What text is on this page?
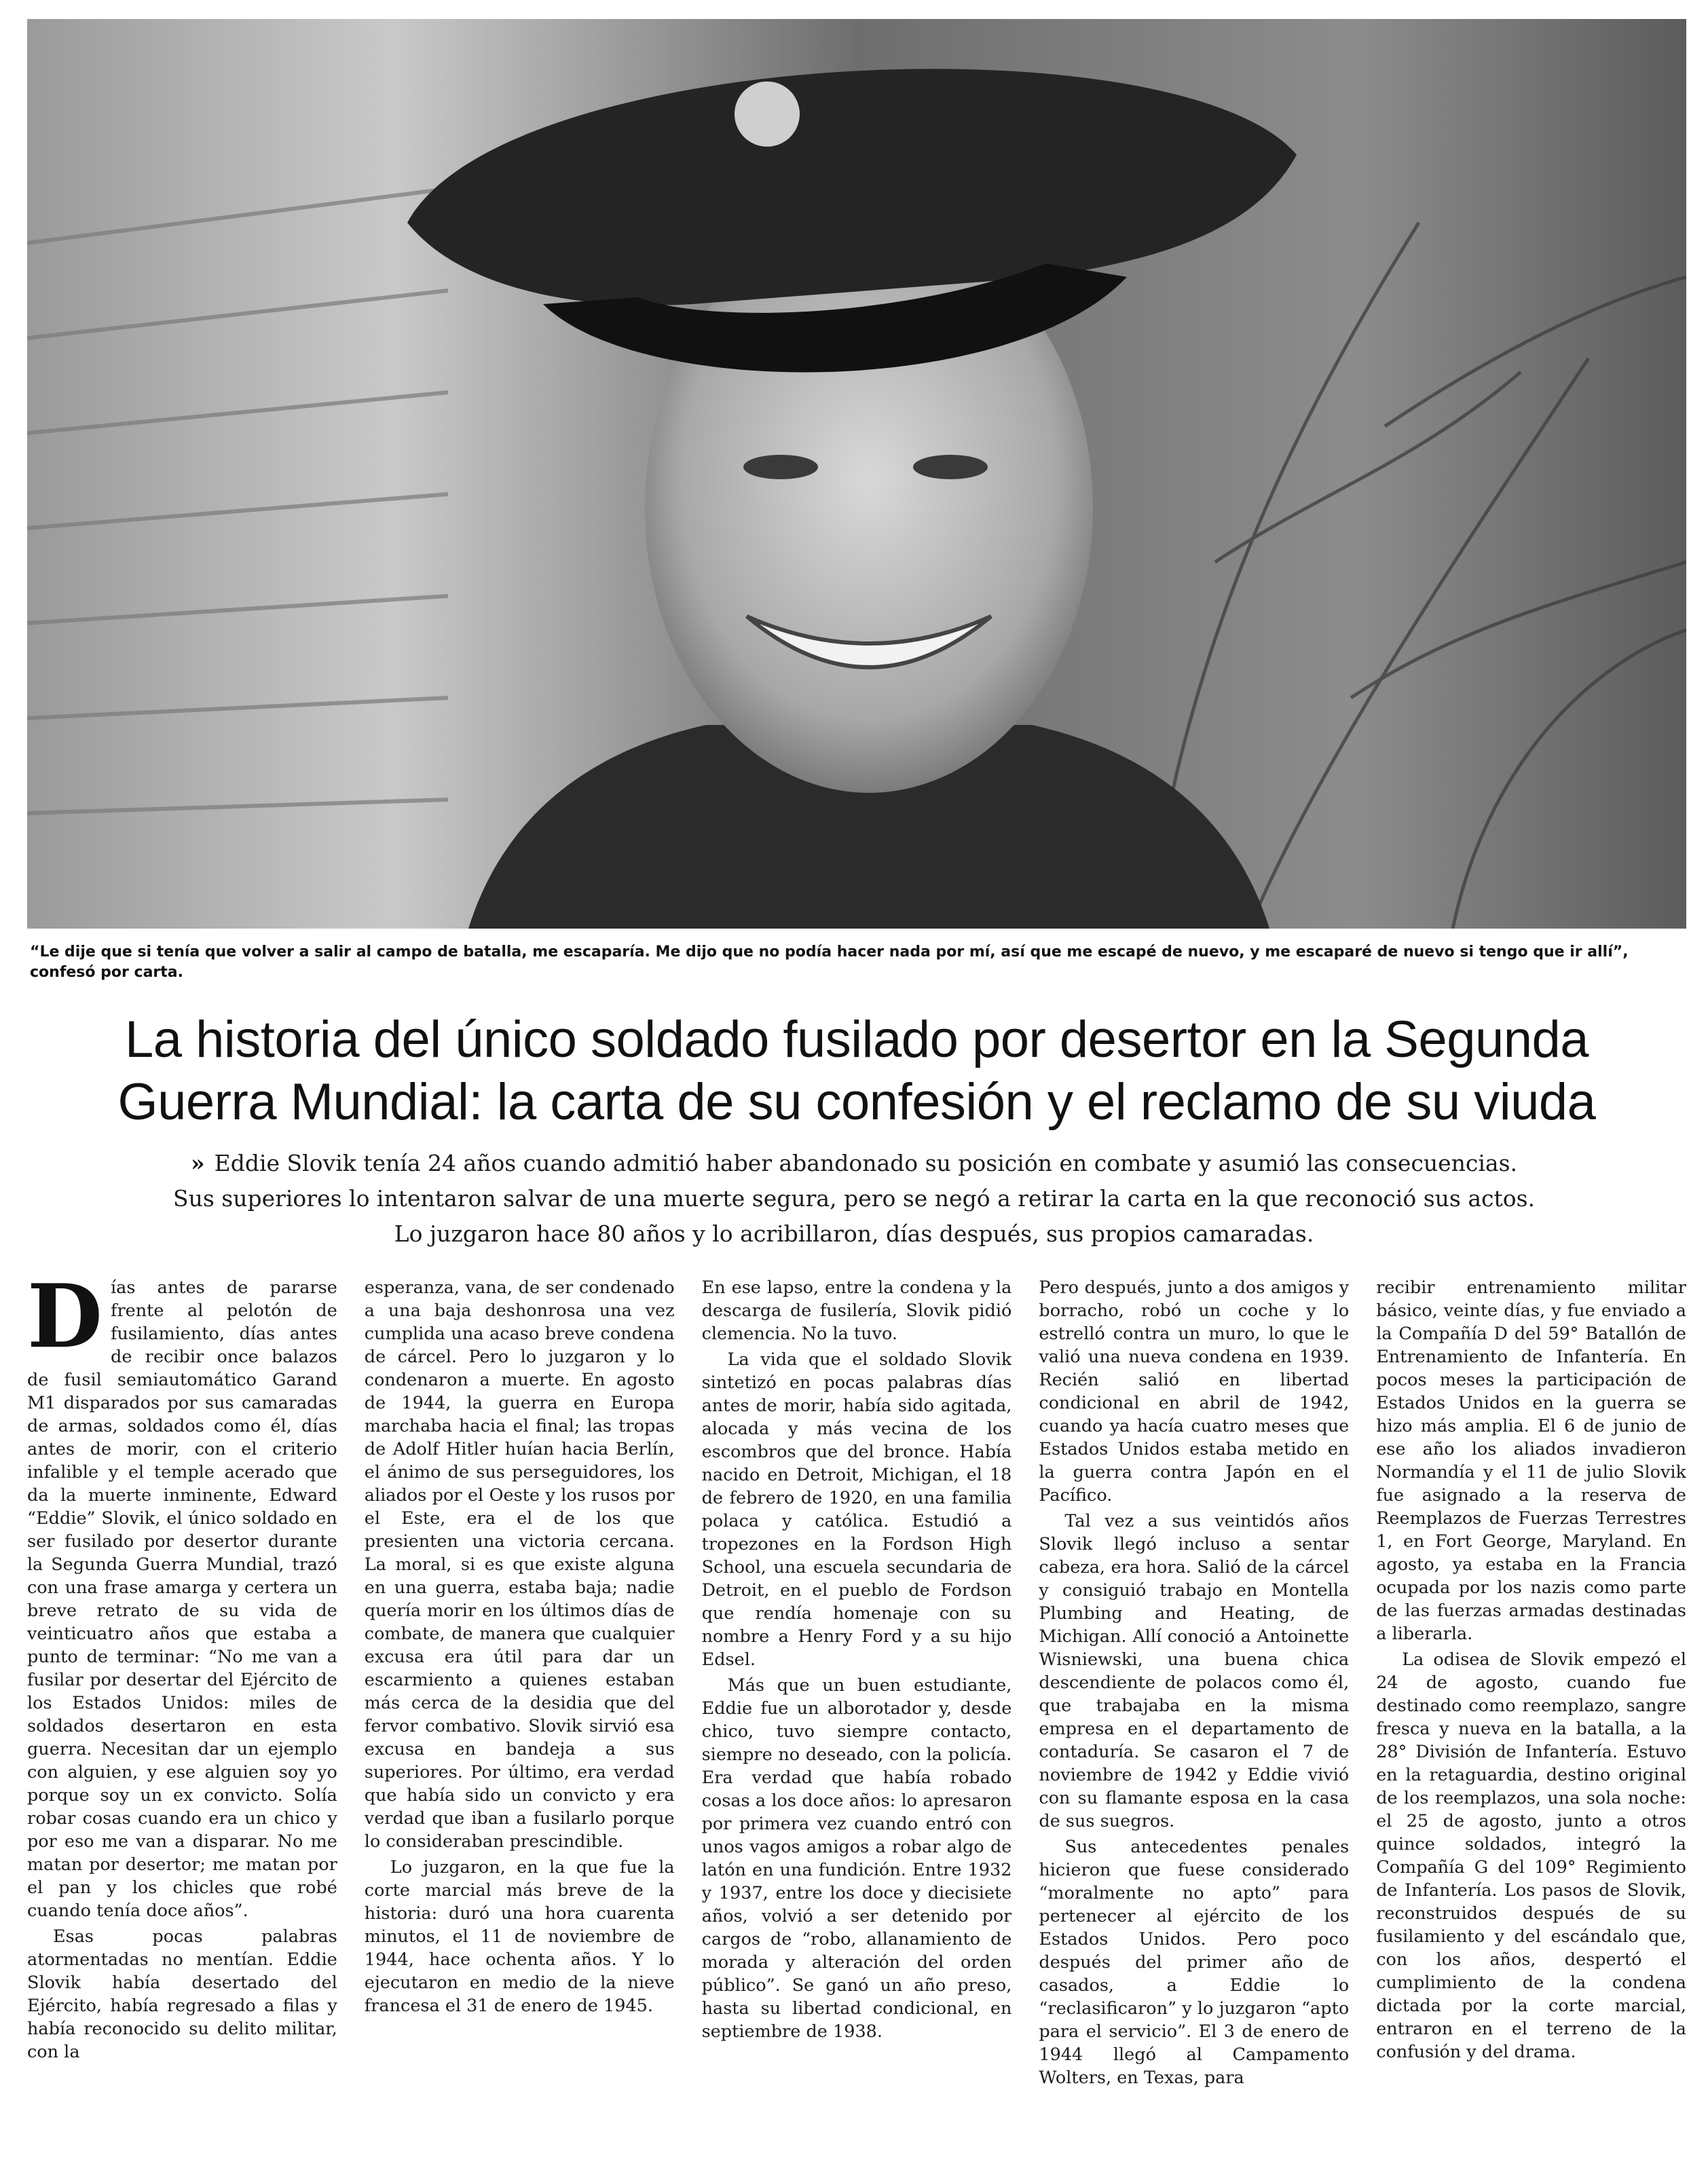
“Le dije que si tenía que volver a salir al campo de batalla, me escaparía. Me dijo que no podía hacer nada por mí, así que me escapé de nuevo, y me escaparé de nuevo si tengo que ir allí”, confesó por carta.
La historia del único soldado fusilado por desertor en la Segunda
Guerra Mundial: la carta de su confesión y el reclamo de su viuda
» Eddie Slovik tenía 24 años cuando admitió haber abandonado su posición en combate y asumió las consecuencias. Sus superiores lo intentaron salvar de una muerte segura, pero se negó a retirar la carta en la que reconoció sus actos. Lo juzgaron hace 80 años y lo acribillaron, días después, sus propios camaradas.

Días antes de pararse frente al pelotón de fusilamiento, días antes de recibir once balazos de fusil semiautomático Garand M1 disparados por sus camaradas de armas, soldados como él, días antes de morir, con el criterio infalible y el temple acerado que da la muerte inminente, Edward “Eddie” Slovik, el único soldado en ser fusilado por desertor durante la Segunda Guerra Mundial, trazó con una frase amarga y certera un breve retrato de su vida de veinticuatro años que estaba a punto de terminar: “No me van a fusilar por desertar del Ejército de los Estados Unidos: miles de soldados desertaron en esta guerra. Necesitan dar un ejemplo con alguien, y ese alguien soy yo porque soy un ex convicto. Solía robar cosas cuando era un chico y por eso me van a disparar. No me matan por desertor; me matan por el pan y los chicles que robé cuando tenía doce años”.

Esas pocas palabras atormentadas no mentían. Eddie Slovik había desertado del Ejército, había regresado a filas y había reconocido su delito militar, con la

esperanza, vana, de ser condenado a una baja deshonrosa una vez cumplida una acaso breve condena de cárcel. Pero lo juzgaron y lo condenaron a muerte. En agosto de 1944, la guerra en Europa marchaba hacia el final; las tropas de Adolf Hitler huían hacia Berlín, el ánimo de sus perseguidores, los aliados por el Oeste y los rusos por el Este, era el de los que presienten una victoria cercana. La moral, si es que existe alguna en una guerra, estaba baja; nadie quería morir en los últimos días de combate, de manera que cualquier excusa era útil para dar un escarmiento a quienes estaban más cerca de la desidia que del fervor combativo. Slovik sirvió esa excusa en bandeja a sus superiores. Por último, era verdad que había sido un convicto y era verdad que iban a fusilarlo porque lo consideraban prescindible.

Lo juzgaron, en la que fue la corte marcial más breve de la historia: duró una hora cuarenta minutos, el 11 de noviembre de 1944, hace ochenta años. Y lo ejecutaron en medio de la nieve francesa el 31 de enero de 1945.

En ese lapso, entre la condena y la descarga de fusilería, Slovik pidió clemencia. No la tuvo.

La vida que el soldado Slovik sintetizó en pocas palabras días antes de morir, había sido agitada, alocada y más vecina de los escombros que del bronce. Había nacido en Detroit, Michigan, el 18 de febrero de 1920, en una familia polaca y católica. Estudió a tropezones en la Fordson High School, una escuela secundaria de Detroit, en el pueblo de Fordson que rendía homenaje con su nombre a Henry Ford y a su hijo Edsel.

Más que un buen estudiante, Eddie fue un alborotador y, desde chico, tuvo siempre contacto, siempre no deseado, con la policía. Era verdad que había robado cosas a los doce años: lo apresaron por primera vez cuando entró con unos vagos amigos a robar algo de latón en una fundición. Entre 1932 y 1937, entre los doce y diecisiete años, volvió a ser detenido por cargos de “robo, allanamiento de morada y alteración del orden público”. Se ganó un año preso, hasta su libertad condicional, en septiembre de 1938.

Pero después, junto a dos amigos y borracho, robó un coche y lo estrelló contra un muro, lo que le valió una nueva condena en 1939. Recién salió en libertad condicional en abril de 1942, cuando ya hacía cuatro meses que Estados Unidos estaba metido en la guerra contra Japón en el Pacífico.

Tal vez a sus veintidós años Slovik llegó incluso a sentar cabeza, era hora. Salió de la cárcel y consiguió trabajo en Montella Plumbing and Heating, de Michigan. Allí conoció a Antoinette Wisniewski, una buena chica descendiente de polacos como él, que trabajaba en la misma empresa en el departamento de contaduría. Se casaron el 7 de noviembre de 1942 y Eddie vivió con su flamante esposa en la casa de sus suegros.

Sus antecedentes penales hicieron que fuese considerado “moralmente no apto” para pertenecer al ejército de los Estados Unidos. Pero poco después del primer año de casados, a Eddie lo “reclasificaron” y lo juzgaron “apto para el servicio”. El 3 de enero de 1944 llegó al Campamento Wolters, en Texas, para

recibir entrenamiento militar básico, veinte días, y fue enviado a la Compañía D del 59° Batallón de Entrenamiento de Infantería. En pocos meses la participación de Estados Unidos en la guerra se hizo más amplia. El 6 de junio de ese año los aliados invadieron Normandía y el 11 de julio Slovik fue asignado a la reserva de Reemplazos de Fuerzas Terrestres 1, en Fort George, Maryland. En agosto, ya estaba en la Francia ocupada por los nazis como parte de las fuerzas armadas destinadas a liberarla.

La odisea de Slovik empezó el 24 de agosto, cuando fue destinado como reemplazo, sangre fresca y nueva en la batalla, a la 28° División de Infantería. Estuvo en la retaguardia, destino original de los reemplazos, una sola noche: el 25 de agosto, junto a otros quince soldados, integró la Compañía G del 109° Regimiento de Infantería. Los pasos de Slovik, reconstruidos después de su fusilamiento y del escándalo que, con los años, despertó el cumplimiento de la condena dictada por la corte marcial, entraron en el terreno de la confusión y del drama.
